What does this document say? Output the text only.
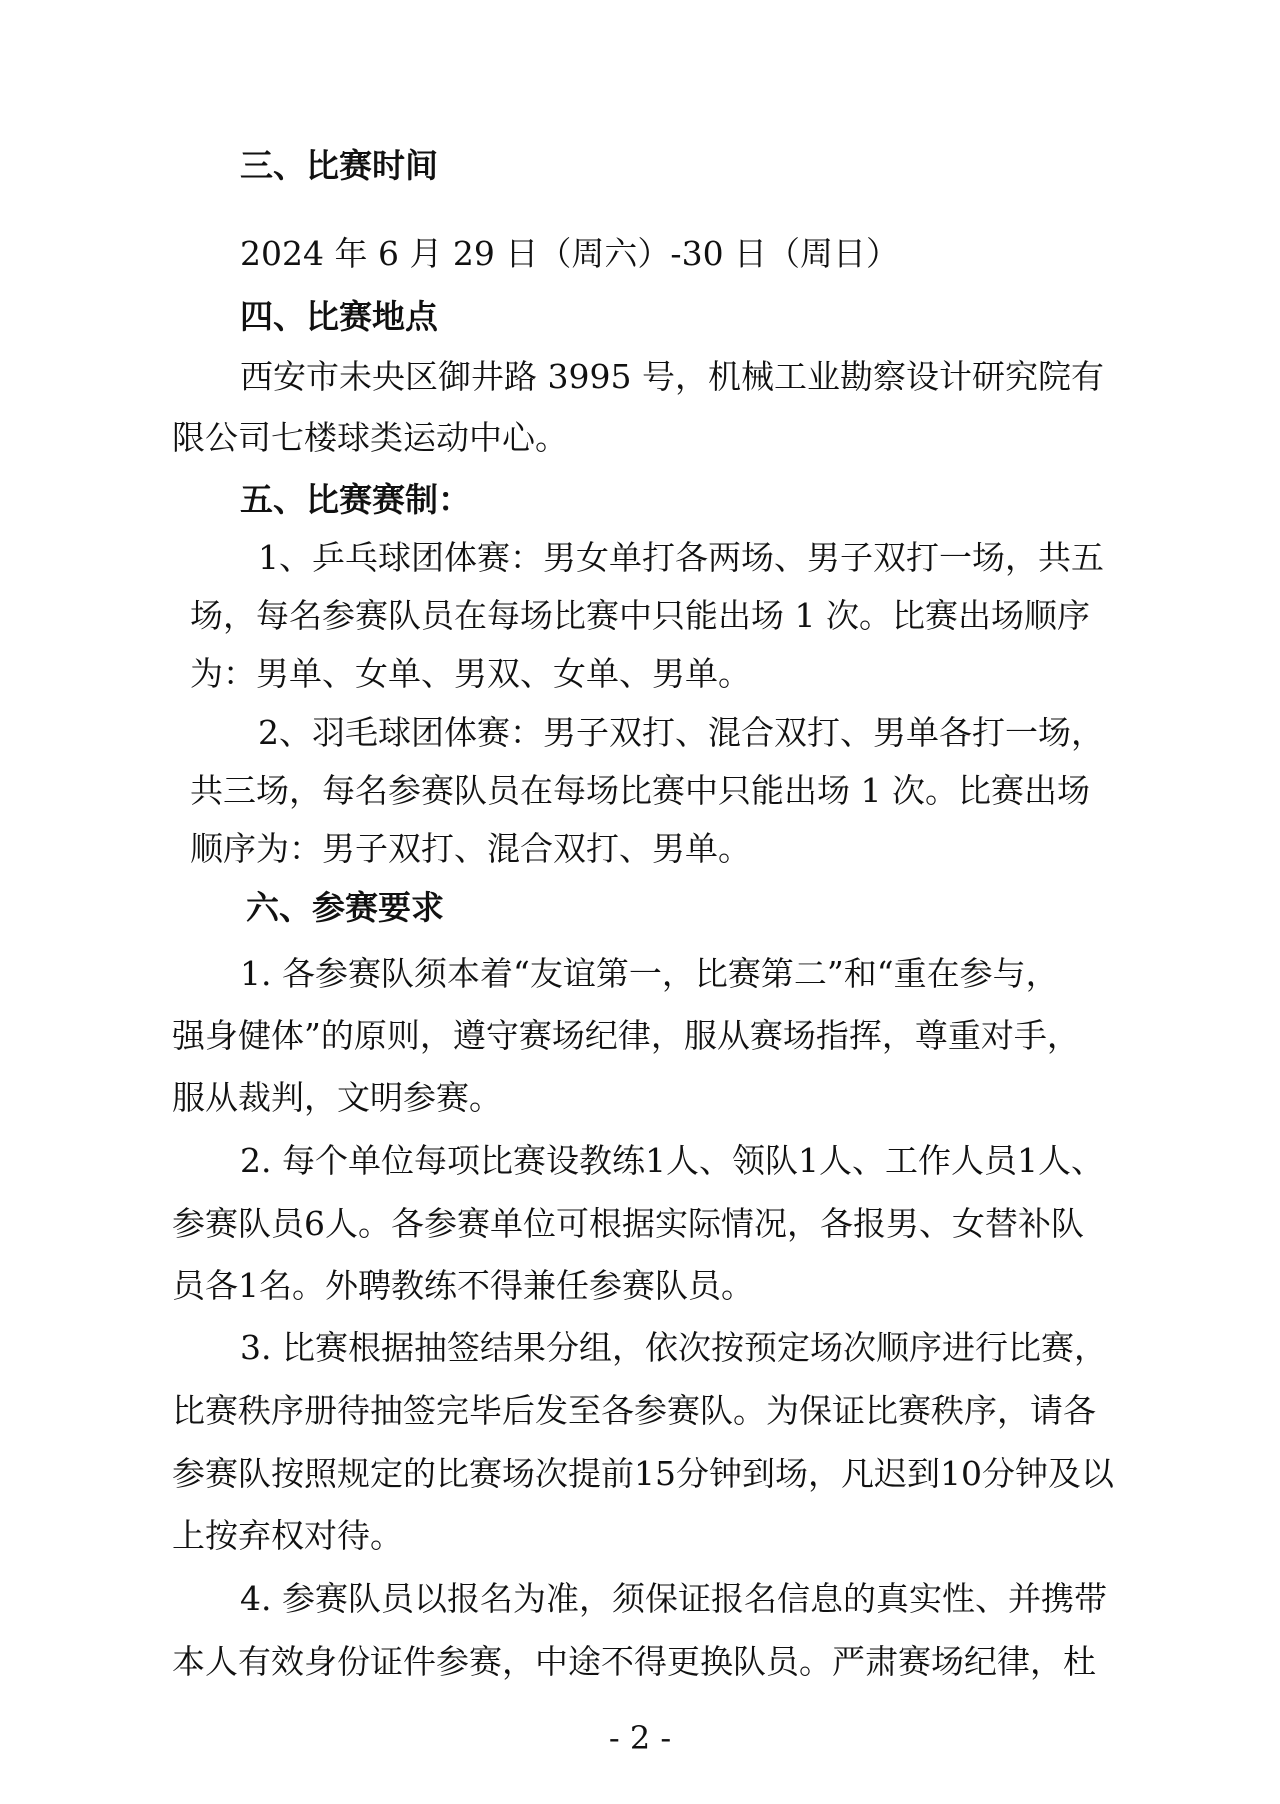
三、比赛时间

2024 年 6 月 29 日（周六）-30 日（周日）

四、比赛地点

西安市未央区御井路 3995 号，机械工业勘察设计研究院有

限公司七楼球类运动中心。

五、比赛赛制：

1、乒乓球团体赛：男女单打各两场、男子双打一场，共五

场，每名参赛队员在每场比赛中只能出场 1 次。比赛出场顺序

为：男单、女单、男双、女单、男单。

2、羽毛球团体赛：男子双打、混合双打、男单各打一场，

共三场，每名参赛队员在每场比赛中只能出场 1 次。比赛出场

顺序为：男子双打、混合双打、男单。

六、参赛要求

1. 各参赛队须本着“友谊第一，比赛第二”和“重在参与，

强身健体”的原则，遵守赛场纪律，服从赛场指挥，尊重对手，

服从裁判，文明参赛。

2. 每个单位每项比赛设教练1人、领队1人、工作人员1人、

参赛队员6人。各参赛单位可根据实际情况，各报男、女替补队

员各1名。外聘教练不得兼任参赛队员。

3. 比赛根据抽签结果分组，依次按预定场次顺序进行比赛，

比赛秩序册待抽签完毕后发至各参赛队。为保证比赛秩序，请各

参赛队按照规定的比赛场次提前15分钟到场，凡迟到10分钟及以

上按弃权对待。

4. 参赛队员以报名为准，须保证报名信息的真实性、并携带

本人有效身份证件参赛，中途不得更换队员。严肃赛场纪律，杜

- 2 -
